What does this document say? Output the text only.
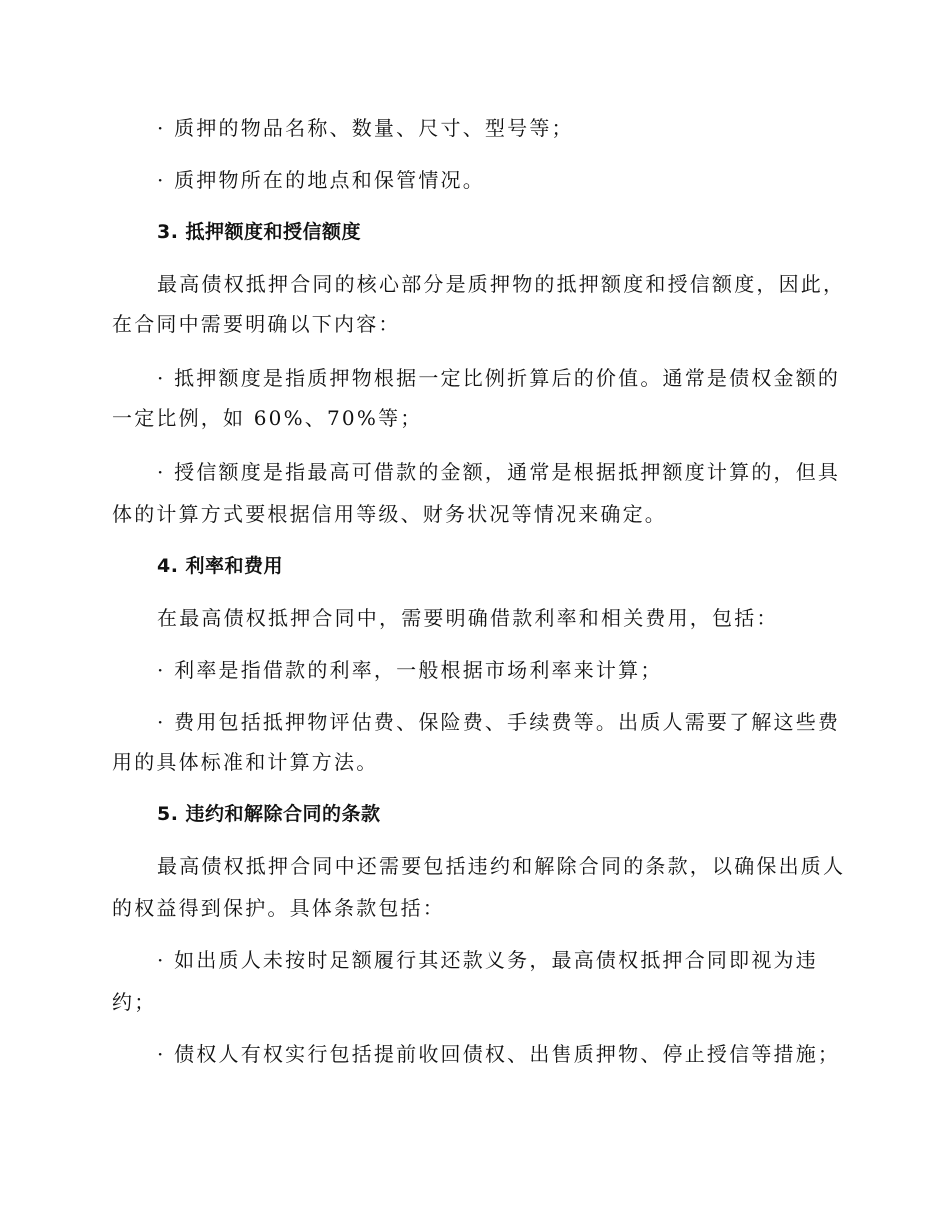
· 质押的物品名称、数量、尺寸、型号等；
· 质押物所在的地点和保管情况。
3. 抵押额度和授信额度
最高债权抵押合同的核心部分是质押物的抵押额度和授信额度，因此，
在合同中需要明确以下内容：
· 抵押额度是指质押物根据一定比例折算后的价值。通常是债权金额的
一定比例，如 60%、70%等；
· 授信额度是指最高可借款的金额，通常是根据抵押额度计算的，但具
体的计算方式要根据信用等级、财务状况等情况来确定。
4. 利率和费用
在最高债权抵押合同中，需要明确借款利率和相关费用，包括：
· 利率是指借款的利率，一般根据市场利率来计算；
· 费用包括抵押物评估费、保险费、手续费等。出质人需要了解这些费
用的具体标准和计算方法。
5. 违约和解除合同的条款
最高债权抵押合同中还需要包括违约和解除合同的条款，以确保出质人
的权益得到保护。具体条款包括：
· 如出质人未按时足额履行其还款义务，最高债权抵押合同即视为违
约；
· 债权人有权实行包括提前收回债权、出售质押物、停止授信等措施；
